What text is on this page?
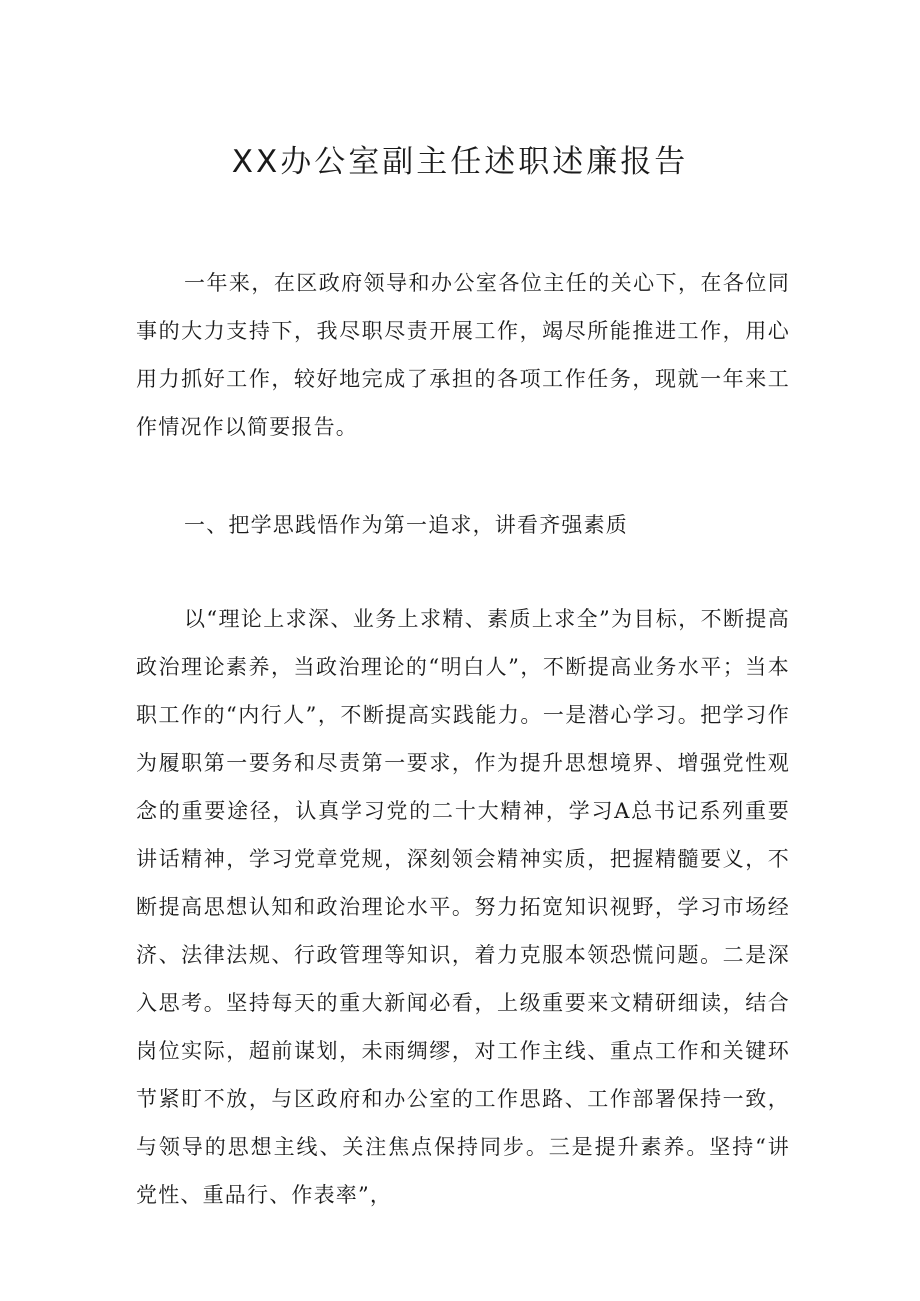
XX办公室副主任述职述廉报告

一年来，在区政府领导和办公室各位主任的关心下，在各位同事的大力支持下，我尽职尽责开展工作，竭尽所能推进工作，用心用力抓好工作，较好地完成了承担的各项工作任务，现就一年来工作情况作以简要报告。

一、把学思践悟作为第一追求，讲看齐强素质

以“理论上求深、业务上求精、素质上求全”为目标，不断提高政治理论素养，当政治理论的“明白人”，不断提高业务水平；当本职工作的“内行人”，不断提高实践能力。一是潜心学习。把学习作为履职第一要务和尽责第一要求，作为提升思想境界、增强党性观念的重要途径，认真学习党的二十大精神，学习A总书记系列重要讲话精神，学习党章党规，深刻领会精神实质，把握精髓要义，不断提高思想认知和政治理论水平。努力拓宽知识视野，学习市场经济、法律法规、行政管理等知识，着力克服本领恐慌问题。二是深入思考。坚持每天的重大新闻必看，上级重要来文精研细读，结合岗位实际，超前谋划，未雨绸缪，对工作主线、重点工作和关键环节紧盯不放，与区政府和办公室的工作思路、工作部署保持一致，与领导的思想主线、关注焦点保持同步。三是提升素养。坚持“讲党性、重品行、作表率”，
